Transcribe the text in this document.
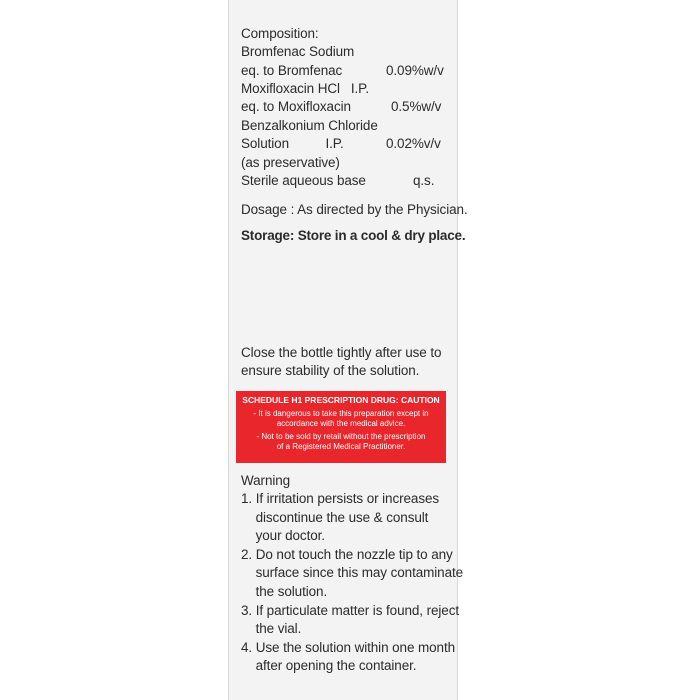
Composition:
Bromfenac Sodium
eq. to Bromfenac	0.09%w/v
Moxifloxacin HCl   I.P.
eq. to Moxifloxacin	0.5%w/v
Benzalkonium Chloride
Solution          I.P.	0.02%v/v
(as preservative)
Sterile aqueous base	q.s.
Dosage : As directed by the Physician.
Storage: Store in a cool & dry place.
Close the bottle tightly after use to
ensure stability of the solution.
SCHEDULE H1 PRESCRIPTION DRUG: CAUTION
- It is dangerous to take this preparation except in
accordance with the medical advice.
- Not to be sold by retail without the prescription
of a Registered Medical Practitioner.
Warning
1. If irritation persists or increases
discontinue the use & consult
your doctor.
2. Do not touch the nozzle tip to any
surface since this may contaminate
the solution.
3. If particulate matter is found, reject
the vial.
4. Use the solution within one month
after opening the container.
